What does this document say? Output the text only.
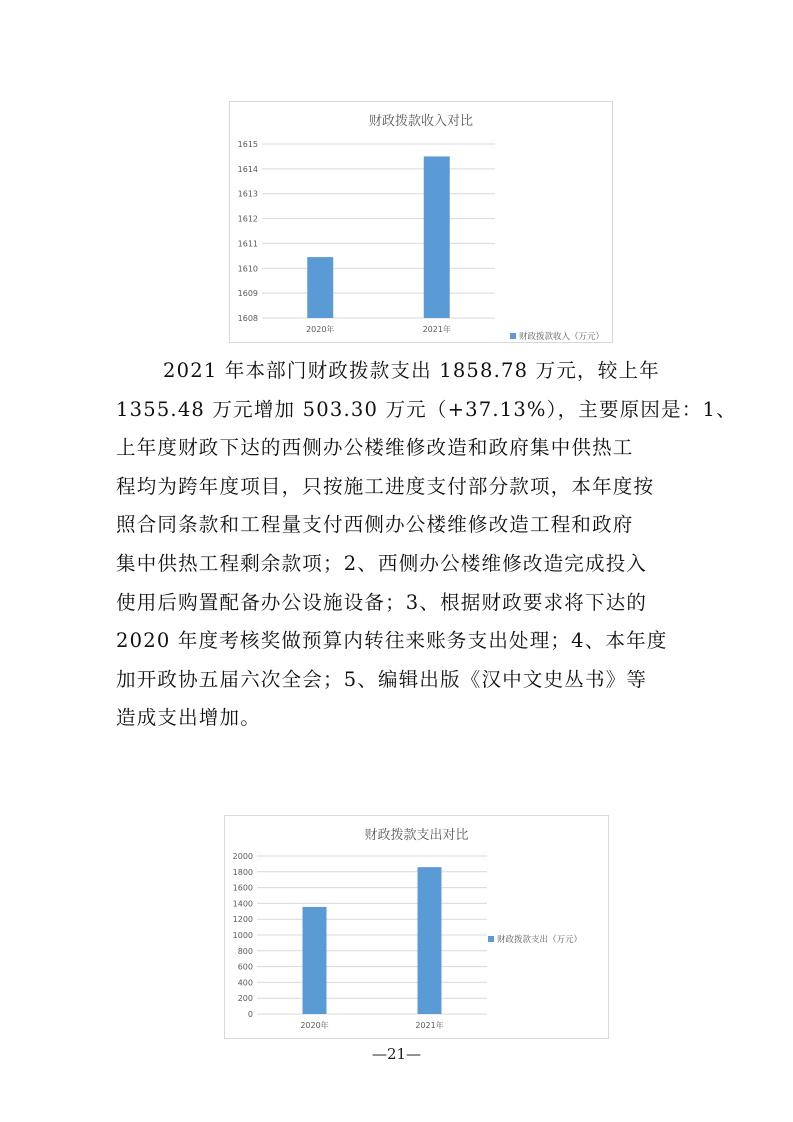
财政拨款收入对比
1608
1609
1610
1611
1612
1613
1614
1615
2020年	2021年
财政拨款收入（万元）

2021 年本部门财政拨款支出 1858.78 万元，较上年
1355.48 万元增加 503.30 万元（+37.13%），主要原因是：1、
上年度财政下达的西侧办公楼维修改造和政府集中供热工
程均为跨年度项目，只按施工进度支付部分款项，本年度按
照合同条款和工程量支付西侧办公楼维修改造工程和政府
集中供热工程剩余款项；2、西侧办公楼维修改造完成投入
使用后购置配备办公设施设备；3、根据财政要求将下达的
2020 年度考核奖做预算内转往来账务支出处理；4、本年度
加开政协五届六次全会；5、编辑出版《汉中文史丛书》等
造成支出增加。

财政拨款支出对比
0
200
400
600
800
1000
1200
1400
1600
1800
2000
2020年	2021年
财政拨款支出（万元）
—21—
